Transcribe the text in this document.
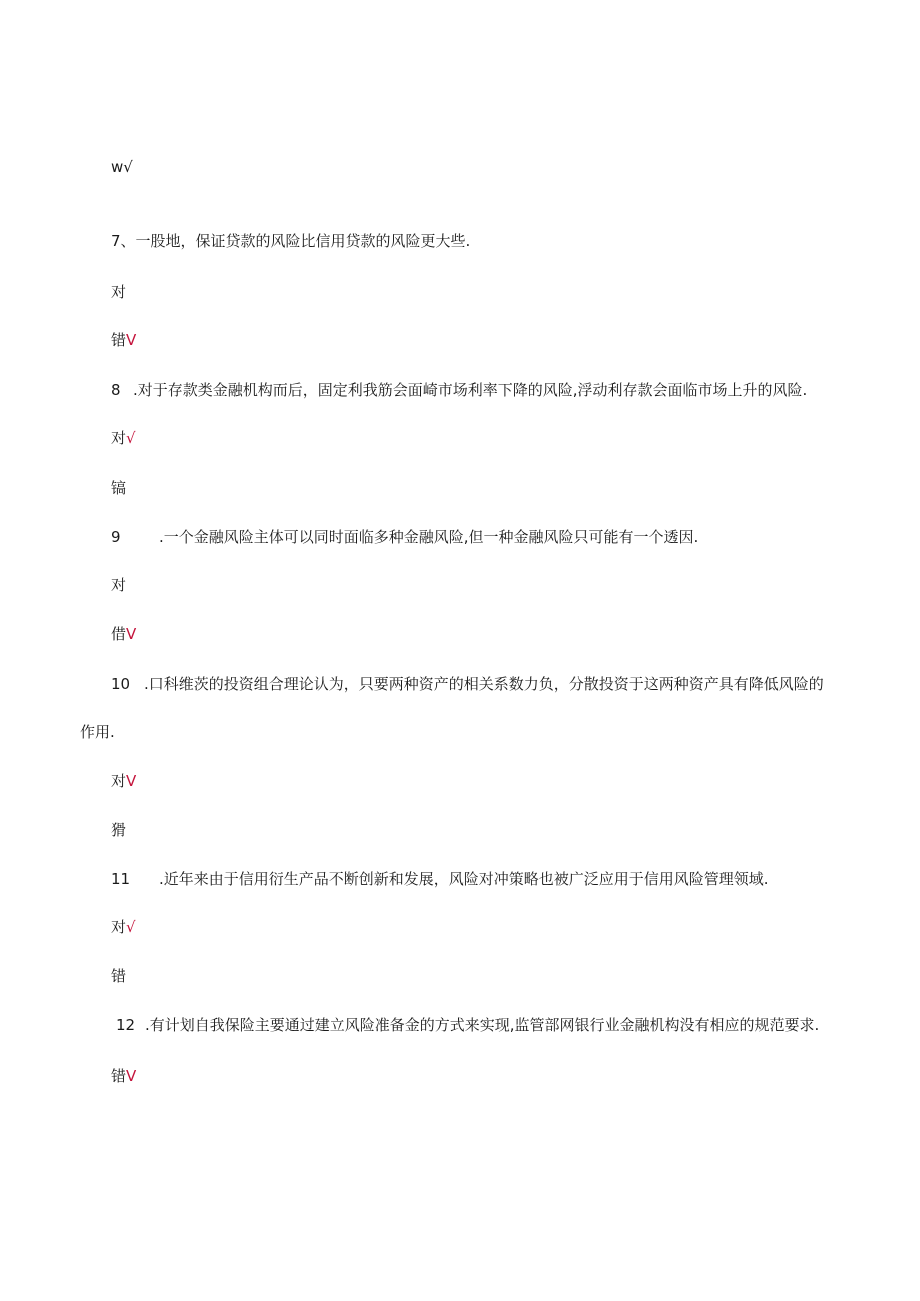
w√
7、一股地，保证贷款的风险比信用贷款的风险更大些.
对
错V
8 .对于存款类金融机构而后，固定利我筋会面崎市场利率下降的风险,浮动利存款会面临市场上升的风险.
对√
镐
9	.一个金融风险主体可以同时面临多种金融风险,但一种金融风险只可能有一个透因.
对
借V
10 .口科维茨的投资组合理论认为，只要两种资产的相关系数力负，分散投资于这两种资产具有降低风险的
作用.
对V
猾
11 .近年来由于信用衍生产品不断创新和发展，风险对冲策略也被广泛应用于信用风险管理领域.
对√
错
12 .有计划自我保险主要通过建立风险准备金的方式来实现,监管部网银行业金融机构没有相应的规范要求.
错V
